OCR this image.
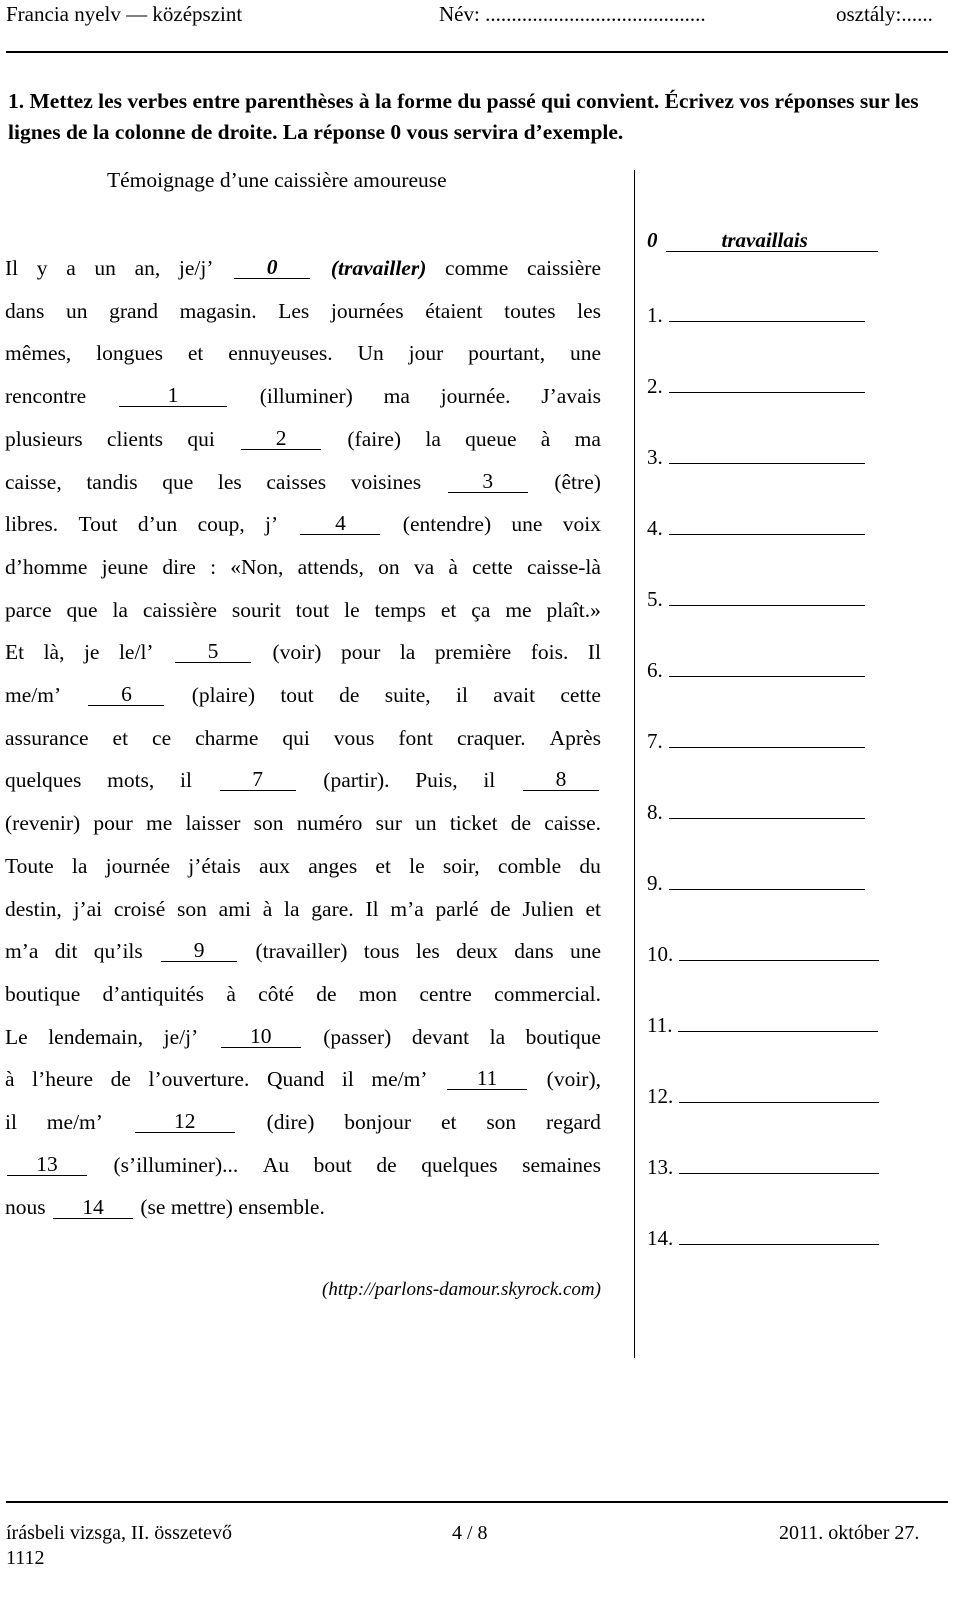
Francia nyelv — középszint	Név: ..........................................	osztály:......
1. Mettez les verbes entre parenthèses à la forme du passé qui convient. Écrivez vos réponses sur les lignes de la colonne de droite. La réponse 0 vous servira d’exemple.
Témoignage d’une caissière amoureuse
Il y a un an, je/j’	0	(travailler) comme caissière
dans un grand magasin. Les journées étaient toutes les
mêmes, longues et ennuyeuses. Un jour pourtant, une
rencontre	1	(illuminer) ma journée. J’avais
plusieurs clients qui	2	(faire) la queue à ma
caisse, tandis que les caisses voisines	3	(être)
libres. Tout d’un coup, j’	4	(entendre) une voix
d’homme jeune dire : «Non, attends, on va à cette caisse-là
parce que la caissière sourit tout le temps et ça me plaît.»
Et là, je le/l’	5	(voir) pour la première fois. Il
me/m’	6	(plaire) tout de suite, il avait cette
assurance et ce charme qui vous font craquer. Après
quelques mots, il	7	(partir). Puis, il	8
(revenir) pour me laisser son numéro sur un ticket de caisse.
Toute la journée j’étais aux anges et le soir, comble du
destin, j’ai croisé son ami à la gare. Il m’a parlé de Julien et
m’a dit qu’ils	9	(travailler) tous les deux dans une
boutique d’antiquités à côté de mon centre commercial.
Le lendemain, je/j’	10	(passer) devant la boutique
à l’heure de l’ouverture. Quand il me/m’	11	(voir),
il me/m’	12	(dire) bonjour et son regard
13	(s’illuminer)... Au bout de quelques semaines
nous 14 (se mettre) ensemble.
(http://parlons-damour.skyrock.com)
0	travaillais
1.
2.
3.
4.
5.
6.
7.
8.
9.
10.
11.
12.
13.
14.
írásbeli vizsga, II. összetevő
1112
4 / 8	2011. október 27.
